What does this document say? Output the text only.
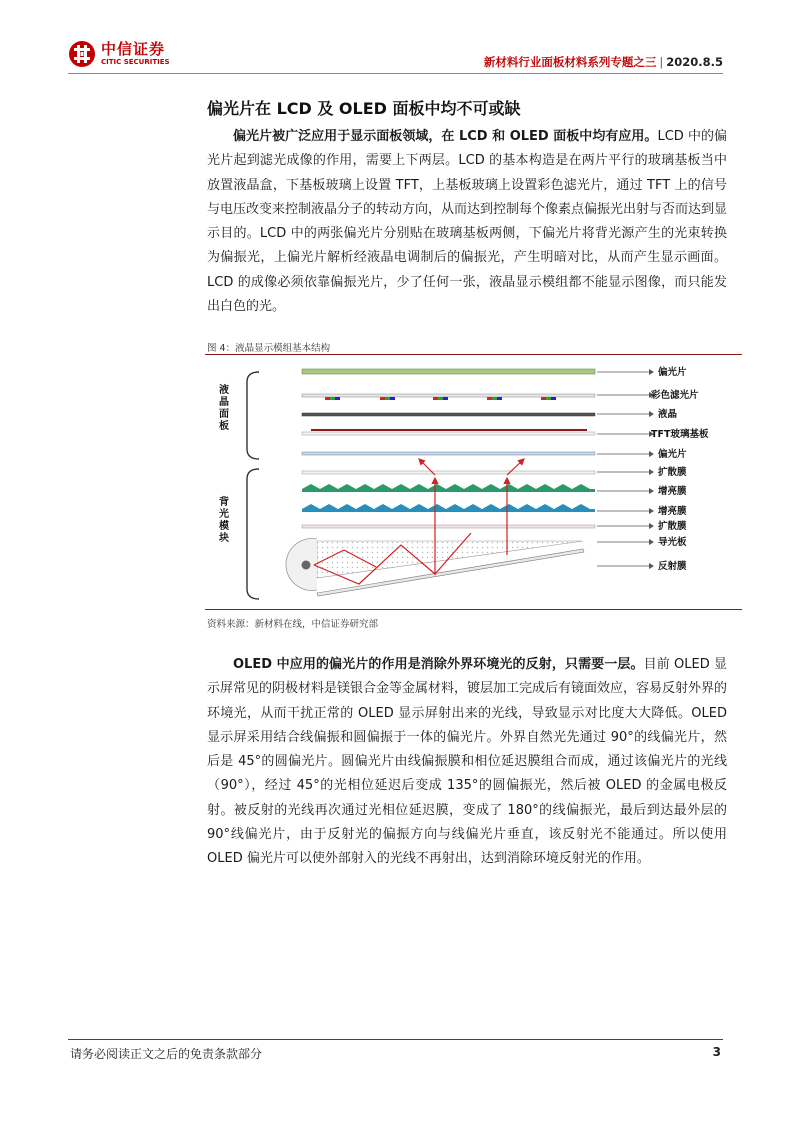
中信证券
CITIC SECURITIES	新材料行业面板材料系列专题之三 | 2020.8.5
偏光片在 LCD 及 OLED 面板中均不可或缺

偏光片被广泛应用于显示面板领域，在 LCD 和 OLED 面板中均有应用。LCD 中的偏光片起到滤光成像的作用，需要上下两层。LCD 的基本构造是在两片平行的玻璃基板当中放置液晶盒，下基板玻璃上设置 TFT，上基板玻璃上设置彩色滤光片，通过 TFT 上的信号与电压改变来控制液晶分子的转动方向，从而达到控制每个像素点偏振光出射与否而达到显示目的。LCD 中的两张偏光片分别贴在玻璃基板两侧，下偏光片将背光源产生的光束转换为偏振光，上偏光片解析经液晶电调制后的偏振光，产生明暗对比，从而产生显示画面。LCD 的成像必须依靠偏振光片，少了任何一张，液晶显示模组都不能显示图像，而只能发出白色的光。

图 4：液晶显示模组基本结构
液晶面板
背光模块
偏光片
彩色滤光片
液晶
TFT玻璃基板
偏光片
扩散膜
增亮膜
增亮膜
扩散膜
导光板
反射膜
资料来源：新材料在线，中信证券研究部

OLED 中应用的偏光片的作用是消除外界环境光的反射，只需要一层。目前 OLED 显示屏常见的阴极材料是镁银合金等金属材料，镀层加工完成后有镜面效应，容易反射外界的环境光，从而干扰正常的 OLED 显示屏射出来的光线，导致显示对比度大大降低。OLED 显示屏采用结合线偏振和圆偏振于一体的偏光片。外界自然光先通过 90°的线偏光片，然后是 45°的圆偏光片。圆偏光片由线偏振膜和相位延迟膜组合而成，通过该偏光片的光线（90°），经过 45°的光相位延迟后变成 135°的圆偏振光，然后被 OLED 的金属电极反射。被反射的光线再次通过光相位延迟膜，变成了 180°的线偏振光，最后到达最外层的 90°线偏光片，由于反射光的偏振方向与线偏光片垂直，该反射光不能通过。所以使用 OLED 偏光片可以使外部射入的光线不再射出，达到消除环境反射光的作用。

请务必阅读正文之后的免责条款部分	3
